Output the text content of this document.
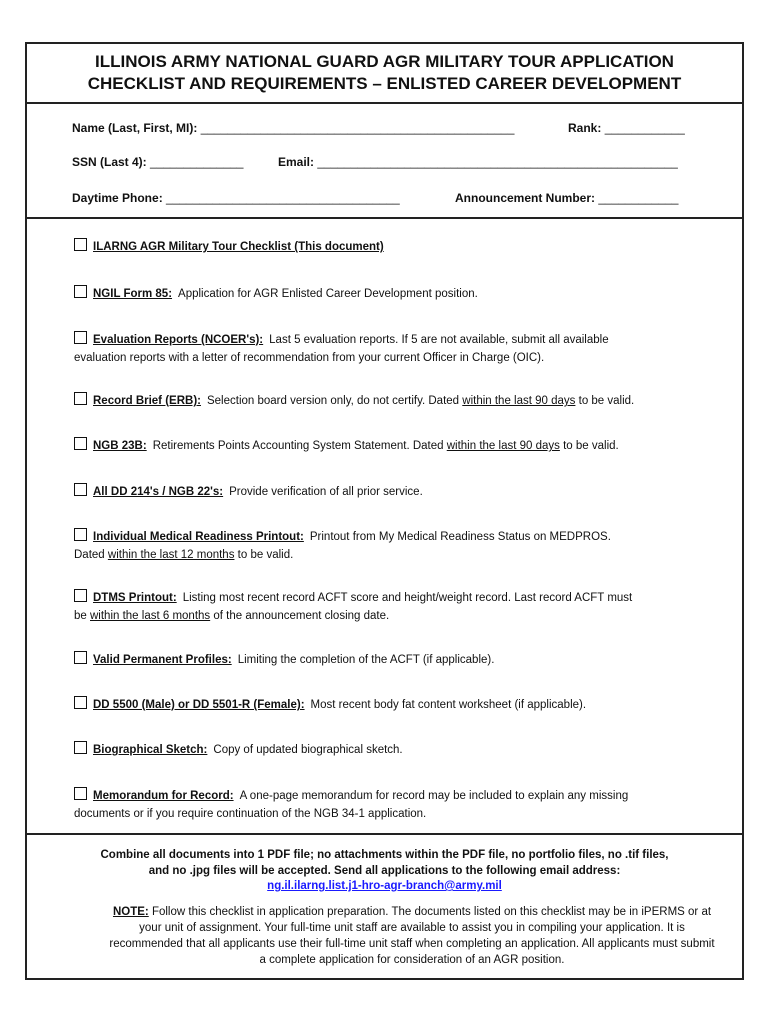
ILLINOIS ARMY NATIONAL GUARD AGR MILITARY TOUR APPLICATION
CHECKLIST AND REQUIREMENTS – ENLISTED CAREER DEVELOPMENT
Name (Last, First, MI): _______________________________________________	Rank: ____________
SSN (Last 4): ______________	Email: ______________________________________________________
Daytime Phone: ___________________________________	Announcement Number: ____________
ILARNG AGR Military Tour Checklist (This document)
NGIL Form 85: Application for AGR Enlisted Career Development position.
Evaluation Reports (NCOER's): Last 5 evaluation reports. If 5 are not available, submit all available
evaluation reports with a letter of recommendation from your current Officer in Charge (OIC).
Record Brief (ERB): Selection board version only, do not certify. Dated within the last 90 days to be valid.
NGB 23B: Retirements Points Accounting System Statement. Dated within the last 90 days to be valid.
All DD 214's / NGB 22's: Provide verification of all prior service.
Individual Medical Readiness Printout: Printout from My Medical Readiness Status on MEDPROS.
Dated within the last 12 months to be valid.
DTMS Printout: Listing most recent record ACFT score and height/weight record. Last record ACFT must
be within the last 6 months of the announcement closing date.
Valid Permanent Profiles: Limiting the completion of the ACFT (if applicable).
DD 5500 (Male) or DD 5501-R (Female): Most recent body fat content worksheet (if applicable).
Biographical Sketch: Copy of updated biographical sketch.
Memorandum for Record: A one-page memorandum for record may be included to explain any missing
documents or if you require continuation of the NGB 34-1 application.
Combine all documents into 1 PDF file; no attachments within the PDF file, no portfolio files, no .tif files,
and no .jpg files will be accepted. Send all applications to the following email address:
ng.il.ilarng.list.j1-hro-agr-branch@army.mil
NOTE: Follow this checklist in application preparation. The documents listed on this checklist may be in iPERMS or at your unit of assignment. Your full-time unit staff are available to assist you in compiling your application. It is recommended that all applicants use their full-time unit staff when completing an application. All applicants must submit a complete application for consideration of an AGR position.
